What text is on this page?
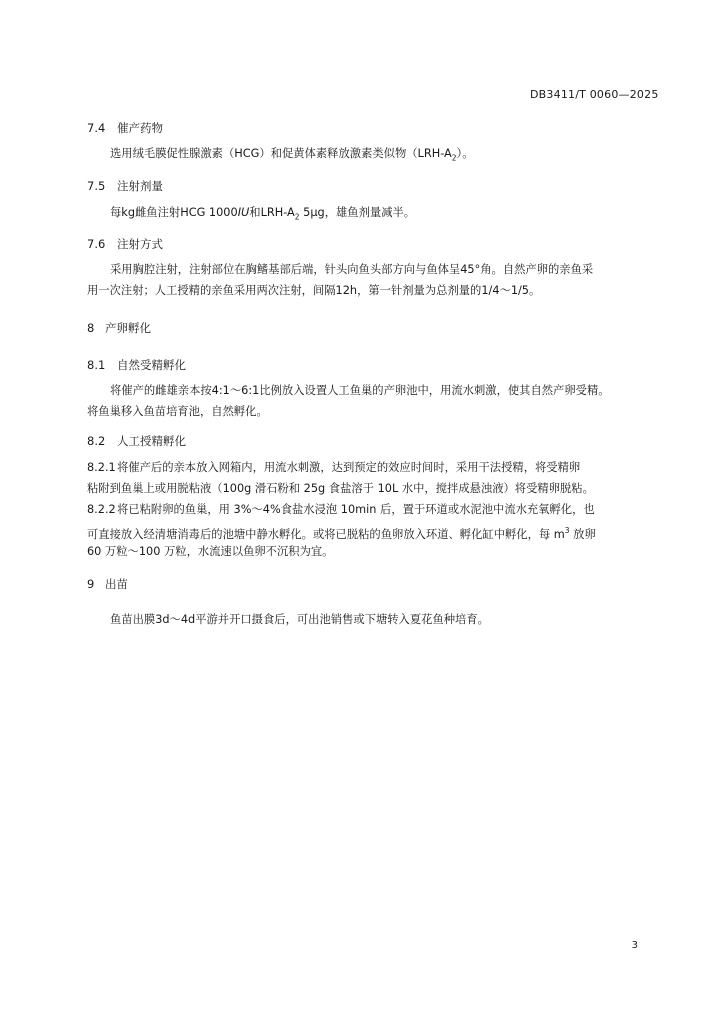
DB3411/T 0060—2025
7.4 催产药物
选用绒毛膜促性腺激素（HCG）和促黄体素释放激素类似物$(LRH-A_2)$。
7.5 注射剂量
每kg雌鱼注射HCG 1000IU和LRH-$A_2$ 5μg，雄鱼剂量减半。
7.6 注射方式
采用胸腔注射，注射部位在胸鳍基部后端，针头向鱼头部方向与鱼体呈45°角。自然产卵的亲鱼采
用一次注射；人工授精的亲鱼采用两次注射，间隔12h，第一针剂量为总剂量的1/4～1/5。
8 产卵孵化
8.1 自然受精孵化
将催产的雌雄亲本按4:1～6:1比例放入设置人工鱼巢的产卵池中，用流水刺激，使其自然产卵受精。
将鱼巢移入鱼苗培育池，自然孵化。
8.2 人工授精孵化
8.2.1将催产后的亲本放入网箱内，用流水刺激，达到预定的效应时间时，采用干法授精，将受精卵
粘附到鱼巢上或用脱粘液（100g 滑石粉和 25g 食盐溶于 10L 水中，搅拌成悬浊液）将受精卵脱粘。
8.2.2将已粘附卵的鱼巢，用 3%～4%食盐水浸泡 10min 后，置于环道或水泥池中流水充氧孵化，也
可直接放入经清塘消毒后的池塘中静水孵化。或将已脱粘的鱼卵放入环道、孵化缸中孵化，每 $m^3$ 放卵
60 万粒～100 万粒，水流速以鱼卵不沉积为宜。
9 出苗
鱼苗出膜3d～4d平游并开口摄食后，可出池销售或下塘转入夏花鱼种培育。
3
